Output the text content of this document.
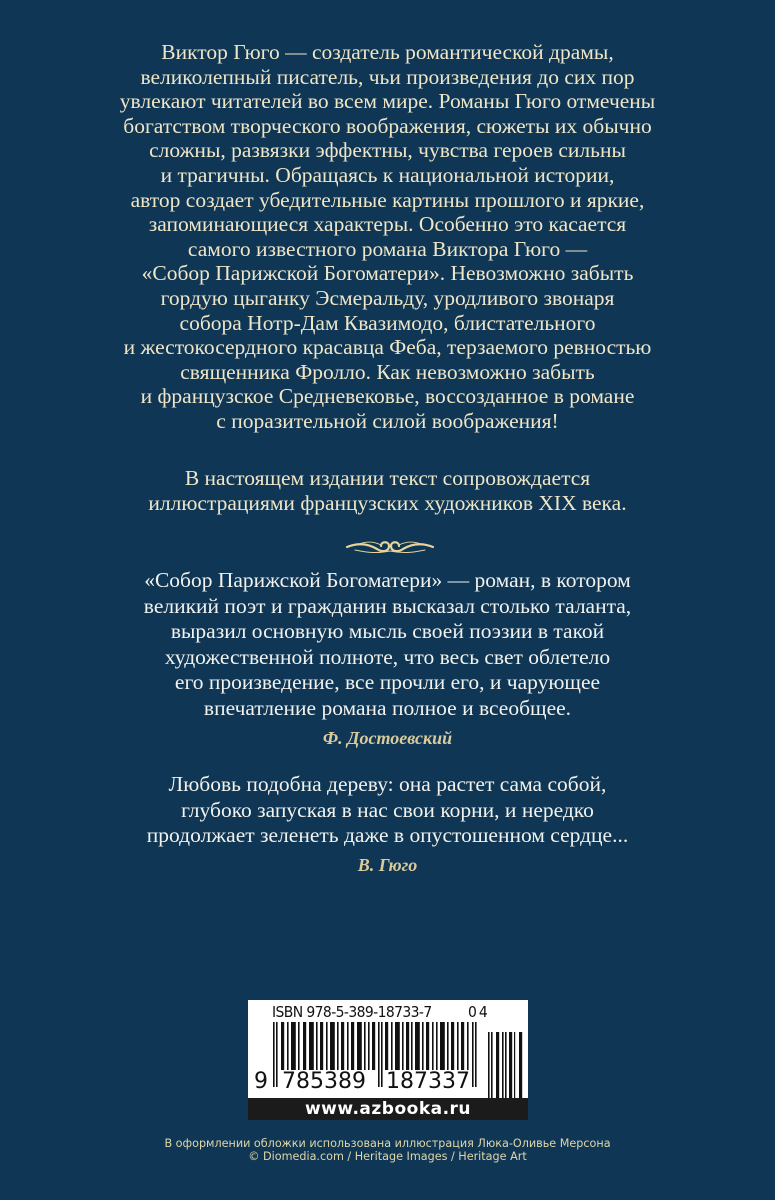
Виктор Гюго — создатель романтической драмы,
великолепный писатель, чьи произведения до сих пор
увлекают читателей во всем мире. Романы Гюго отмечены
богатством творческого воображения, сюжеты их обычно
сложны, развязки эффектны, чувства героев сильны
и трагичны. Обращаясь к национальной истории,
автор создает убедительные картины прошлого и яркие,
запоминающиеся характеры. Особенно это касается
самого известного романа Виктора Гюго —
«Собор Парижской Богоматери». Невозможно забыть
гордую цыганку Эсмеральду, уродливого звонаря
собора Нотр-Дам Квазимодо, блистательного
и жестокосердного красавца Феба, терзаемого ревностью
священника Фролло. Как невозможно забыть
и французское Средневековье, воссозданное в романе
с поразительной силой воображения!
В настоящем издании текст сопровождается
иллюстрациями французских художников XIX века.
«Собор Парижской Богоматери» — роман, в котором
великий поэт и гражданин высказал столько таланта,
выразил основную мысль своей поэзии в такой
художественной полноте, что весь свет облетело
его произведение, все прочли его, и чарующее
впечатление романа полное и всеобщее.
Ф. Достоевский
Любовь подобна дереву: она растет сама собой,
глубоко запуская в нас свои корни, и нередко
продолжает зеленеть даже в опустошенном сердце...
В. Гюго
ISBN 978-5-389-18733-7 04
9 785389 187337
www.azbooka.ru
В оформлении обложки использована иллюстрация Люка-Оливье Мерсона
© Diomedia.com / Heritage Images / Heritage Art
